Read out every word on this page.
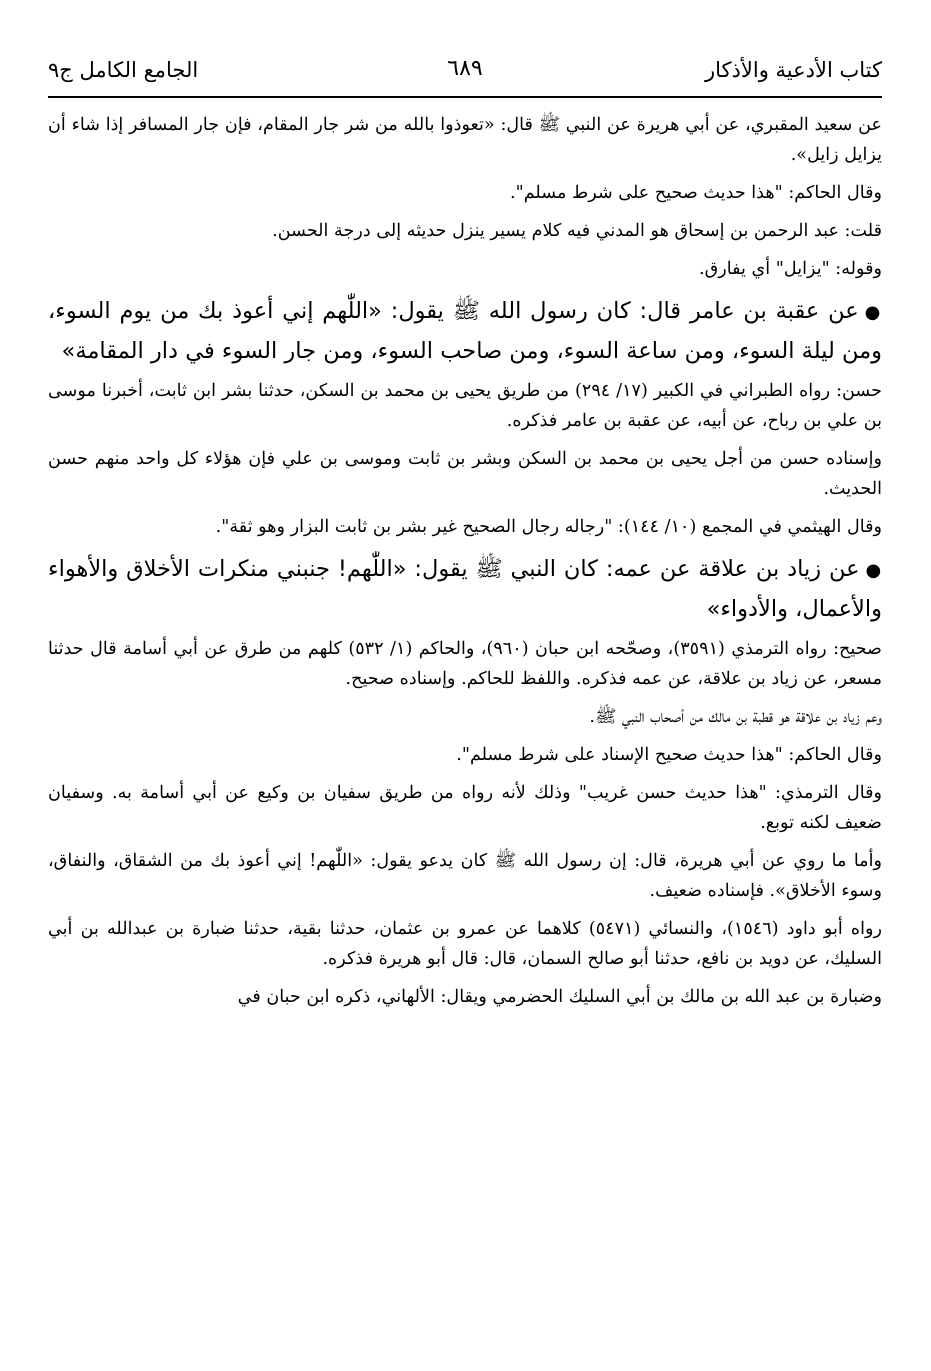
كتاب الأدعية والأذكار
٦٨٩
الجامع الكامل ج٩

عن سعيد المقبري، عن أبي هريرة عن النبي ﷺ قال: «تعوذوا بالله من شر جار المقام، فإن جار المسافر إذا شاء أن يزايل زايل».

وقال الحاكم: "هذا حديث صحيح على شرط مسلم".

قلت: عبد الرحمن بن إسحاق هو المدني فيه كلام يسير ينزل حديثه إلى درجة الحسن.

وقوله: "يزايل" أي يفارق.

●عن عقبة بن عامر قال: كان رسول الله ﷺ يقول: «اللّٰهم إني أعوذ بك من يوم السوء، ومن ليلة السوء، ومن ساعة السوء، ومن صاحب السوء، ومن جار السوء في دار المقامة»

حسن: رواه الطبراني في الكبير (١٧/ ٢٩٤) من طريق يحيى بن محمد بن السكن، حدثنا بشر ابن ثابت، أخبرنا موسى بن علي بن رباح، عن أبيه، عن عقبة بن عامر فذكره.

وإسناده حسن من أجل يحيى بن محمد بن السكن وبشر بن ثابت وموسى بن علي فإن هؤلاء كل واحد منهم حسن الحديث.

وقال الهيثمي في المجمع (١٠/ ١٤٤): "رجاله رجال الصحيح غير بشر بن ثابت البزار وهو ثقة".

●عن زياد بن علاقة عن عمه: كان النبي ﷺ يقول: «اللّٰهم! جنبني منكرات الأخلاق والأهواء والأعمال، والأدواء»

صحيح: رواه الترمذي (٣٥٩١)، وصحّحه ابن حبان (٩٦٠)، والحاكم (١/ ٥٣٢) كلهم من طرق عن أبي أسامة قال حدثنا مسعر، عن زياد بن علاقة، عن عمه فذكره. واللفظ للحاكم. وإسناده صحيح.

وعم زياد بن علاقة هو قطبة بن مالك من أصحاب النبي ﷺ.

وقال الحاكم: "هذا حديث صحيح الإسناد على شرط مسلم".

وقال الترمذي: "هذا حديث حسن غريب" وذلك لأنه رواه من طريق سفيان بن وكيع عن أبي أسامة به. وسفيان ضعيف لكنه توبع.

وأما ما روي عن أبي هريرة، قال: إن رسول الله ﷺ كان يدعو يقول: «اللّٰهم! إني أعوذ بك من الشقاق، والنفاق، وسوء الأخلاق». فإسناده ضعيف.

رواه أبو داود (١٥٤٦)، والنسائي (٥٤٧١) كلاهما عن عمرو بن عثمان، حدثنا بقية، حدثنا ضبارة بن عبدالله بن أبي السليك، عن دويد بن نافع، حدثنا أبو صالح السمان، قال: قال أبو هريرة فذكره.

وضبارة بن عبد الله بن مالك بن أبي السليك الحضرمي ويقال: الألهاني، ذكره ابن حبان في
